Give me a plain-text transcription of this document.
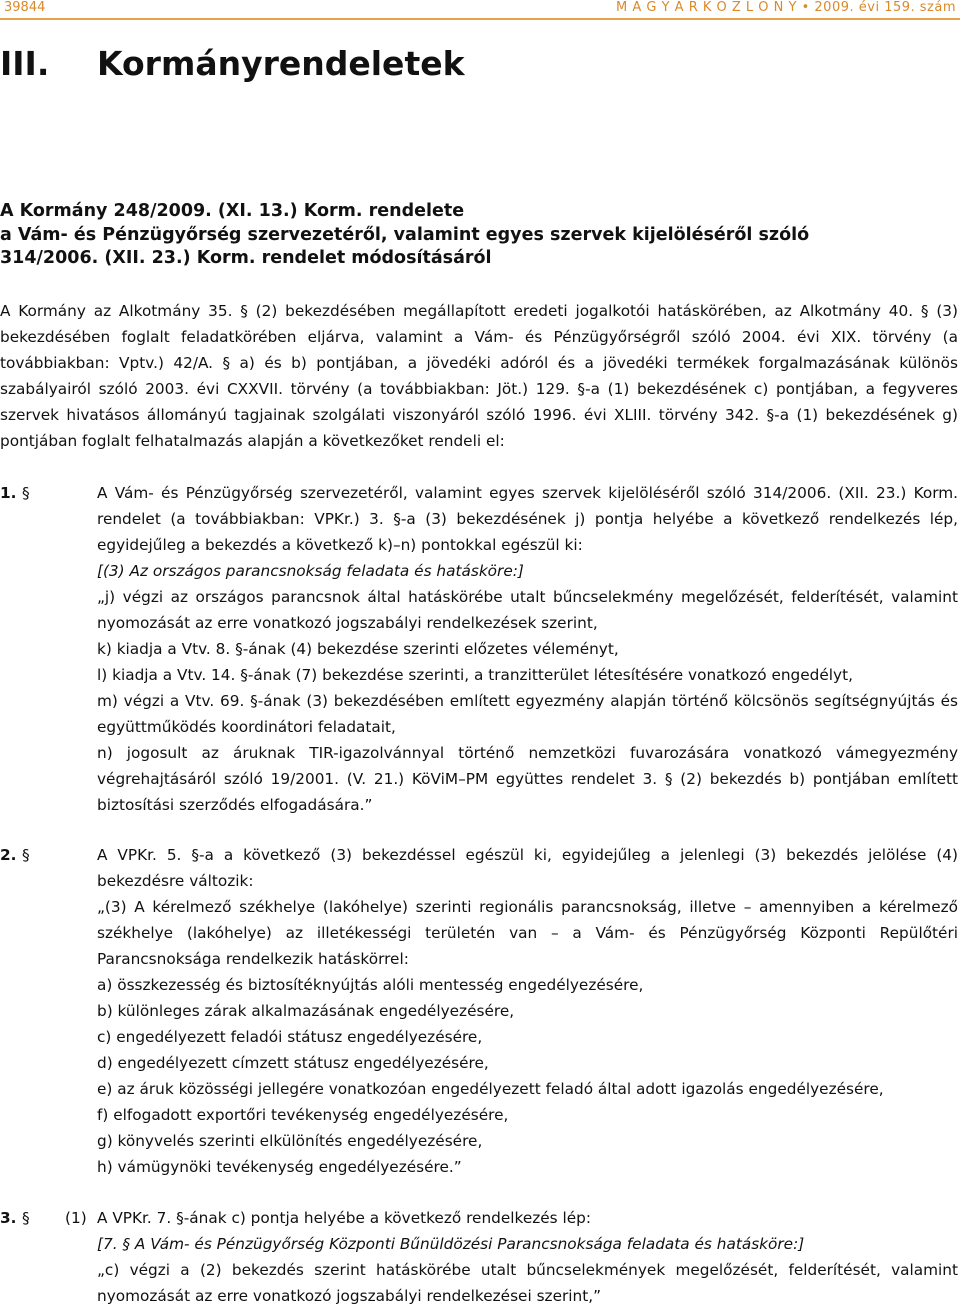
39844	M A G Y A R K Ö Z L Ö N Y • 2009. évi 159. szám
III. Kormányrendeletek
A Kormány 248/2009. (XI. 13.) Korm. rendelete
a Vám- és Pénzügyőrség szervezetéről, valamint egyes szervek kijelöléséről szóló
314/2006. (XII. 23.) Korm. rendelet módosításáról
A Kormány az Alkotmány 35. § (2) bekezdésében megállapított eredeti jogalkotói hatáskörében, az Alkotmány 40. § (3) bekezdésében foglalt feladatkörében eljárva, valamint a Vám- és Pénzügyőrségről szóló 2004. évi XIX. törvény (a továbbiakban: Vptv.) 42/A. § a) és b) pontjában, a jövedéki adóról és a jövedéki termékek forgalmazásának különös szabályairól szóló 2003. évi CXXVII. törvény (a továbbiakban: Jöt.) 129. §-a (1) bekezdésének c) pontjában, a fegyveres szervek hivatásos állományú tagjainak szolgálati viszonyáról szóló 1996. évi XLIII. törvény 342. §-a (1) bekezdésének g) pontjában foglalt felhatalmazás alapján a következőket rendeli el:
1. §	A Vám- és Pénzügyőrség szervezetéről, valamint egyes szervek kijelöléséről szóló 314/2006. (XII. 23.) Korm. rendelet (a továbbiakban: VPKr.) 3. §-a (3) bekezdésének j) pontja helyébe a következő rendelkezés lép, egyidejűleg a bekezdés a következő k)–n) pontokkal egészül ki:
[(3) Az országos parancsnokság feladata és hatásköre:]
„j) végzi az országos parancsnok által hatáskörébe utalt bűncselekmény megelőzését, felderítését, valamint nyomozását az erre vonatkozó jogszabályi rendelkezések szerint,
k) kiadja a Vtv. 8. §-ának (4) bekezdése szerinti előzetes véleményt,
l) kiadja a Vtv. 14. §-ának (7) bekezdése szerinti, a tranzitterület létesítésére vonatkozó engedélyt,
m) végzi a Vtv. 69. §-ának (3) bekezdésében említett egyezmény alapján történő kölcsönös segítségnyújtás és együttműködés koordinátori feladatait,
n) jogosult az áruknak TIR-igazolvánnyal történő nemzetközi fuvarozására vonatkozó vámegyezmény végrehajtásáról szóló 19/2001. (V. 21.) KöViM–PM együttes rendelet 3. § (2) bekezdés b) pontjában említett biztosítási szerződés elfogadására.”
2. §	A VPKr. 5. §-a a következő (3) bekezdéssel egészül ki, egyidejűleg a jelenlegi (3) bekezdés jelölése (4) bekezdésre változik:
„(3) A kérelmező székhelye (lakóhelye) szerinti regionális parancsnokság, illetve – amennyiben a kérelmező székhelye (lakóhelye) az illetékességi területén van – a Vám- és Pénzügyőrség Központi Repülőtéri Parancsnoksága rendelkezik hatáskörrel:
a) összkezesség és biztosítéknyújtás alóli mentesség engedélyezésére,
b) különleges zárak alkalmazásának engedélyezésére,
c) engedélyezett feladói státusz engedélyezésére,
d) engedélyezett címzett státusz engedélyezésére,
e) az áruk közösségi jellegére vonatkozóan engedélyezett feladó által adott igazolás engedélyezésére,
f) elfogadott exportőri tevékenység engedélyezésére,
g) könyvelés szerinti elkülönítés engedélyezésére,
h) vámügynöki tevékenység engedélyezésére.”
3. § (1) A VPKr. 7. §-ának c) pontja helyébe a következő rendelkezés lép:
[7. § A Vám- és Pénzügyőrség Központi Bűnüldözési Parancsnoksága feladata és hatásköre:]
„c) végzi a (2) bekezdés szerint hatáskörébe utalt bűncselekmények megelőzését, felderítését, valamint nyomozását az erre vonatkozó jogszabályi rendelkezései szerint,”
